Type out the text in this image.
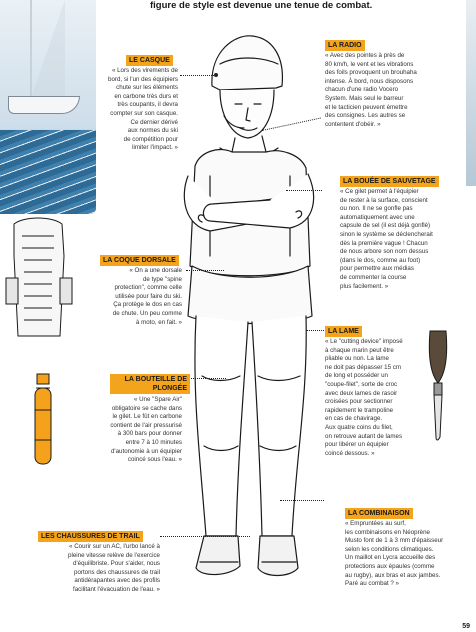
figure de style est devenue une tenue de combat.
LE CASQUE
« Lors des virements de
bord, si l'un des équipiers
chute sur les éléments
en carbone très durs et
très coupants, il devra
compter sur son casque.
Ce dernier dérivé
aux normes du ski
de compétition pour
limiter l'impact. »
LA RADIO
« Avec des pointes à près de
80 km/h, le vent et les vibrations
des foils provoquent un brouhaha
intense. À bord, nous disposons
chacun d'une radio Vocero
System. Mais seul le barreur
et le tacticien peuvent émettre
des consignes. Les autres se
contentent d'obéir. »
LA BOUÉE DE SAUVETAGE
« Ce gilet permet à l'équipier
de rester à la surface, conscient
ou non. Il ne se gonfle pas
automatiquement avec une
capsule de sel (il est déjà gonflé)
sinon le système se déclencherait
dès la première vague ! Chacun
de nous arbore son nom dessus
(dans le dos, comme au foot)
pour permettre aux médias
de commenter la course
plus facilement. »
LA COQUE DORSALE
« On a une dorsale
de type "spine
protection", comme celle
utilisée pour faire du ski.
Ça protège le dos en cas
de chute. Un peu comme
à moto, en fait. »
LA LAME
« Le "cutting device" imposé
à chaque marin peut être
pliable ou non. La lame
ne doit pas dépasser 15 cm
de long et posséder un
"coupe-filet", sorte de croc
avec deux lames de rasoir
croisées pour sectionner
rapidement le trampoline
en cas de chavirage.
Aux quatre coins du filet,
on retrouve autant de lames
pour libérer un équipier
coincé dessous. »
LA BOUTEILLE DE PLONGÉE
« Une "Spare Air"
obligatoire se cache dans
le gilet. Le fût en carbone
contient de l'air pressurisé
à 300 bars pour donner
entre 7 à 10 minutes
d'autonomie à un équipier
coincé sous l'eau. »
LES CHAUSSURES DE TRAIL
« Courir sur un AC, l'urbo lancé à
pleine vitesse relève de l'exercice
d'équilibriste. Pour s'aider, nous
portons des chaussures de trail
antidérapantes avec des profils
facilitant l'évacuation de l'eau. »
LA COMBINAISON
« Empruntées au surf,
les combinaisons en Néoprène
Musto font de 1 à 3 mm d'épaisseur
selon les conditions climatiques.
Un maillot en Lycra accueille des
protections aux épaules (comme
au rugby), aux bras et aux jambes.
Paré au combat ? »
59
